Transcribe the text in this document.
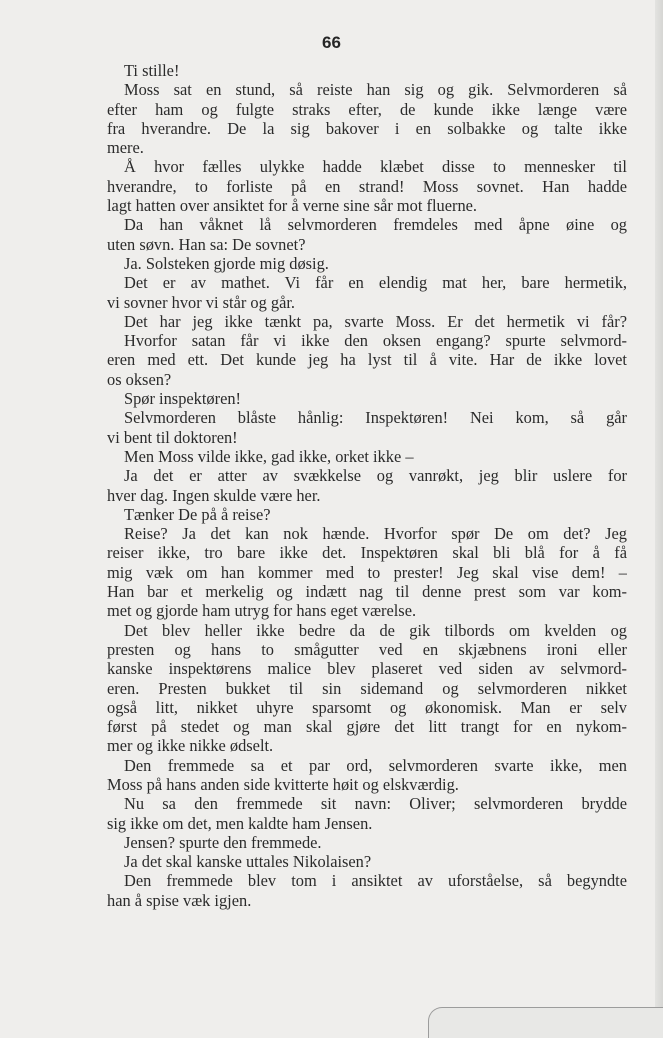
66

Ti stille!
Moss sat en stund, så reiste han sig og gik. Selvmorderen så
efter ham og fulgte straks efter, de kunde ikke længe være
fra hverandre. De la sig bakover i en solbakke og talte ikke
mere.
Å hvor fælles ulykke hadde klæbet disse to mennesker til
hverandre, to forliste på en strand! Moss sovnet. Han hadde
lagt hatten over ansiktet for å verne sine sår mot fluerne.
Da han våknet lå selvmorderen fremdeles med åpne øine og
uten søvn. Han sa: De sovnet?
Ja. Solsteken gjorde mig døsig.
Det er av mathet. Vi får en elendig mat her, bare hermetik,
vi sovner hvor vi står og går.
Det har jeg ikke tænkt pa, svarte Moss. Er det hermetik vi får?
Hvorfor satan får vi ikke den oksen engang? spurte selvmord-
eren med ett. Det kunde jeg ha lyst til å vite. Har de ikke lovet
os oksen?
Spør inspektøren!
Selvmorderen blåste hånlig: Inspektøren! Nei kom, så går
vi bent til doktoren!
Men Moss vilde ikke, gad ikke, orket ikke –
Ja det er atter av svækkelse og vanrøkt, jeg blir uslere for
hver dag. Ingen skulde være her.
Tænker De på å reise?
Reise? Ja det kan nok hænde. Hvorfor spør De om det? Jeg
reiser ikke, tro bare ikke det. Inspektøren skal bli blå for å få
mig væk om han kommer med to prester! Jeg skal vise dem! –
Han bar et merkelig og indætt nag til denne prest som var kom-
met og gjorde ham utryg for hans eget værelse.
Det blev heller ikke bedre da de gik tilbords om kvelden og
presten og hans to smågutter ved en skjæbnens ironi eller
kanske inspektørens malice blev plaseret ved siden av selvmord-
eren. Presten bukket til sin sidemand og selvmorderen nikket
også litt, nikket uhyre sparsomt og økonomisk. Man er selv
først på stedet og man skal gjøre det litt trangt for en nykom-
mer og ikke nikke ødselt.
Den fremmede sa et par ord, selvmorderen svarte ikke, men
Moss på hans anden side kvitterte høit og elskværdig.
Nu sa den fremmede sit navn: Oliver; selvmorderen brydde
sig ikke om det, men kaldte ham Jensen.
Jensen? spurte den fremmede.
Ja det skal kanske uttales Nikolaisen?
Den fremmede blev tom i ansiktet av uforståelse, så begyndte
han å spise væk igjen.
